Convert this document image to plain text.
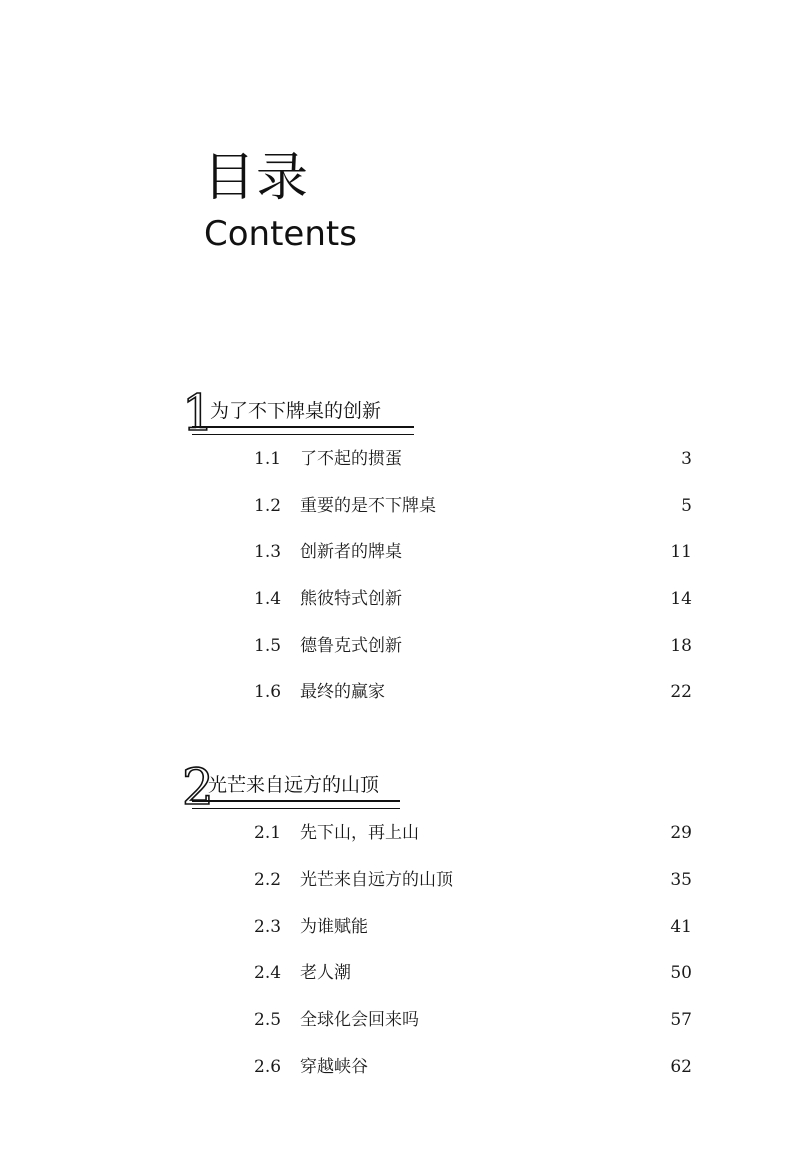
目录
Contents
1
为了不下牌桌的创新
1.1 了不起的掼蛋	3
1.2 重要的是不下牌桌	5
1.3 创新者的牌桌	11
1.4 熊彼特式创新	14
1.5 德鲁克式创新	18
1.6 最终的赢家	22
2
光芒来自远方的山顶
2.1 先下山，再上山	29
2.2 光芒来自远方的山顶	35
2.3 为谁赋能	41
2.4 老人潮	50
2.5 全球化会回来吗	57
2.6 穿越峡谷	62
